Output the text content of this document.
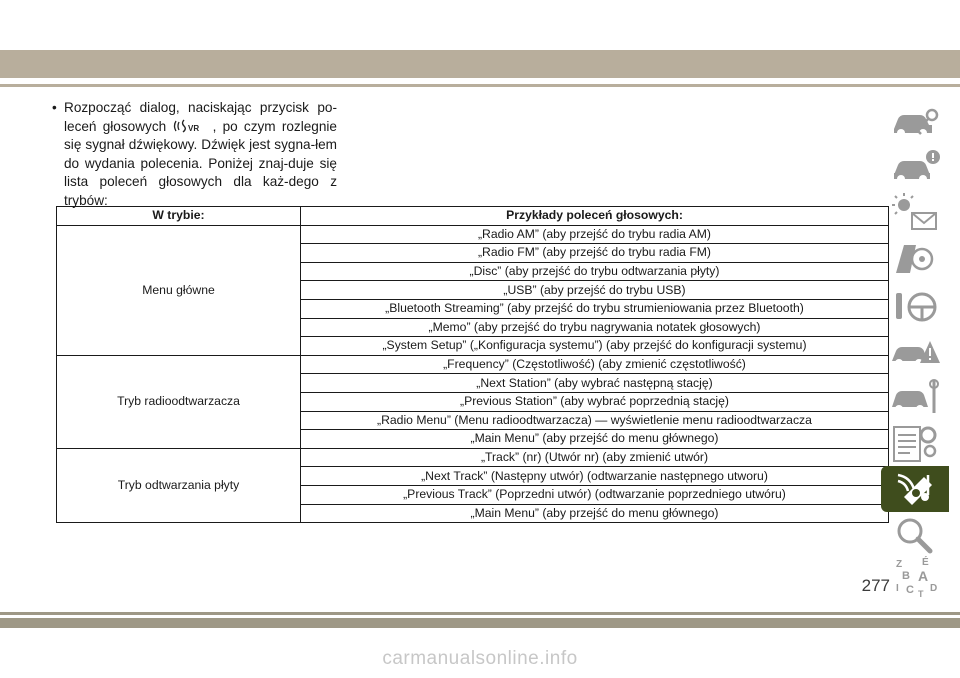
• Rozpocząć dialog, naciskając przycisk po-leceń głosowych VR , po czym rozlegnie się sygnał dźwiękowy. Dźwięk jest sygna-łem do wydania polecenia. Poniżej znaj-duje się lista poleceń głosowych dla każ-dego z trybów:
W trybie:	Przykłady poleceń głosowych:
Menu główne	„Radio AM” (aby przejść do trybu radia AM)
	„Radio FM” (aby przejść do trybu radia FM)
	„Disc” (aby przejść do trybu odtwarzania płyty)
	„USB” (aby przejść do trybu USB)
	„Bluetooth Streaming” (aby przejść do trybu strumieniowania przez Bluetooth)
	„Memo” (aby przejść do trybu nagrywania notatek głosowych)
	„System Setup” („Konfiguracja systemu”) (aby przejść do konfiguracji systemu)
Tryb radioodtwarzacza	„Frequency” (Częstotliwość) (aby zmienić częstotliwość)
	„Next Station” (aby wybrać następną stację)
	„Previous Station” (aby wybrać poprzednią stację)
	„Radio Menu” (Menu radioodtwarzacza) — wyświetlenie menu radioodtwarzacza
	„Main Menu” (aby przejść do menu głównego)
Tryb odtwarzania płyty	„Track” (nr) (Utwór nr) (aby zmienić utwór)
	„Next Track” (Następny utwór) (odtwarzanie następnego utworu)
	„Previous Track” (Poprzedni utwór) (odtwarzanie poprzedniego utwóru)
	„Main Menu” (aby przejść do menu głównego)
Z É
B A
C D
I T
277
carmanualsonline.info
